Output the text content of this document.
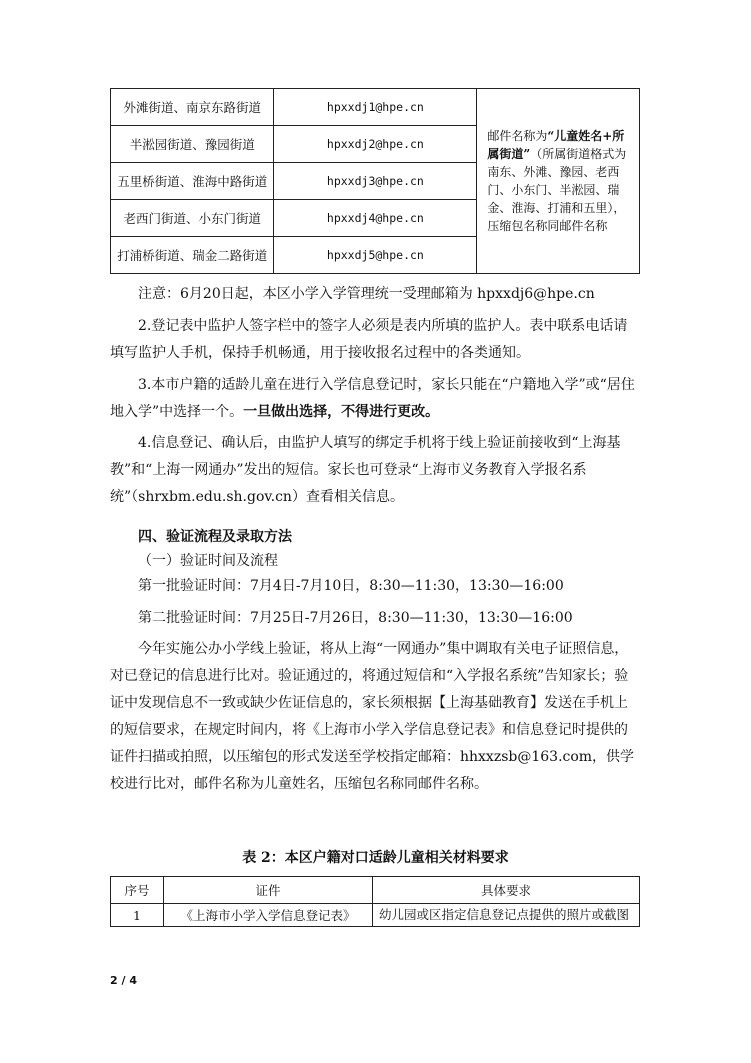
外滩街道、南京东路街道	hpxxdj1@hpe.cn	邮件名称为“儿童姓名+所属街道”（所属街道格式为南东、外滩、豫园、老西门、小东门、半淞园、瑞金、淮海、打浦和五里），压缩包名称同邮件名称
半淞园街道、豫园街道	hpxxdj2@hpe.cn	
五里桥街道、淮海中路街道	hpxxdj3@hpe.cn	
老西门街道、小东门街道	hpxxdj4@hpe.cn	
打浦桥街道、瑞金二路街道	hpxxdj5@hpe.cn	

注意：6月20日起，本区小学入学管理统一受理邮箱为 hpxxdj6@hpe.cn

2.登记表中监护人签字栏中的签字人必须是表内所填的监护人。表中联系电话请填写监护人手机，保持手机畅通，用于接收报名过程中的各类通知。

3.本市户籍的适龄儿童在进行入学信息登记时，家长只能在“户籍地入学”或“居住地入学”中选择一个。一旦做出选择，不得进行更改。

4.信息登记、确认后，由监护人填写的绑定手机将于线上验证前接收到“上海基教”和“上海一网通办”发出的短信。家长也可登录“上海市义务教育入学报名系统”（shrxbm.edu.sh.gov.cn）查看相关信息。

四、验证流程及录取方法

（一）验证时间及流程

第一批验证时间：7月4日-7月10日，8:30—11:30，13:30—16:00

第二批验证时间：7月25日-7月26日，8:30—11:30，13:30—16:00

今年实施公办小学线上验证，将从上海“一网通办”集中调取有关电子证照信息，对已登记的信息进行比对。验证通过的，将通过短信和“入学报名系统”告知家长；验证中发现信息不一致或缺少佐证信息的，家长须根据【上海基础教育】发送在手机上的短信要求，在规定时间内，将《上海市小学入学信息登记表》和信息登记时提供的证件扫描或拍照，以压缩包的形式发送至学校指定邮箱：hhxxzsb@163.com，供学校进行比对，邮件名称为儿童姓名，压缩包名称同邮件名称。

表 2：本区户籍对口适龄儿童相关材料要求
序号	证件	具体要求
1	《上海市小学入学信息登记表》	幼儿园或区指定信息登记点提供的照片或截图
2 / 4
